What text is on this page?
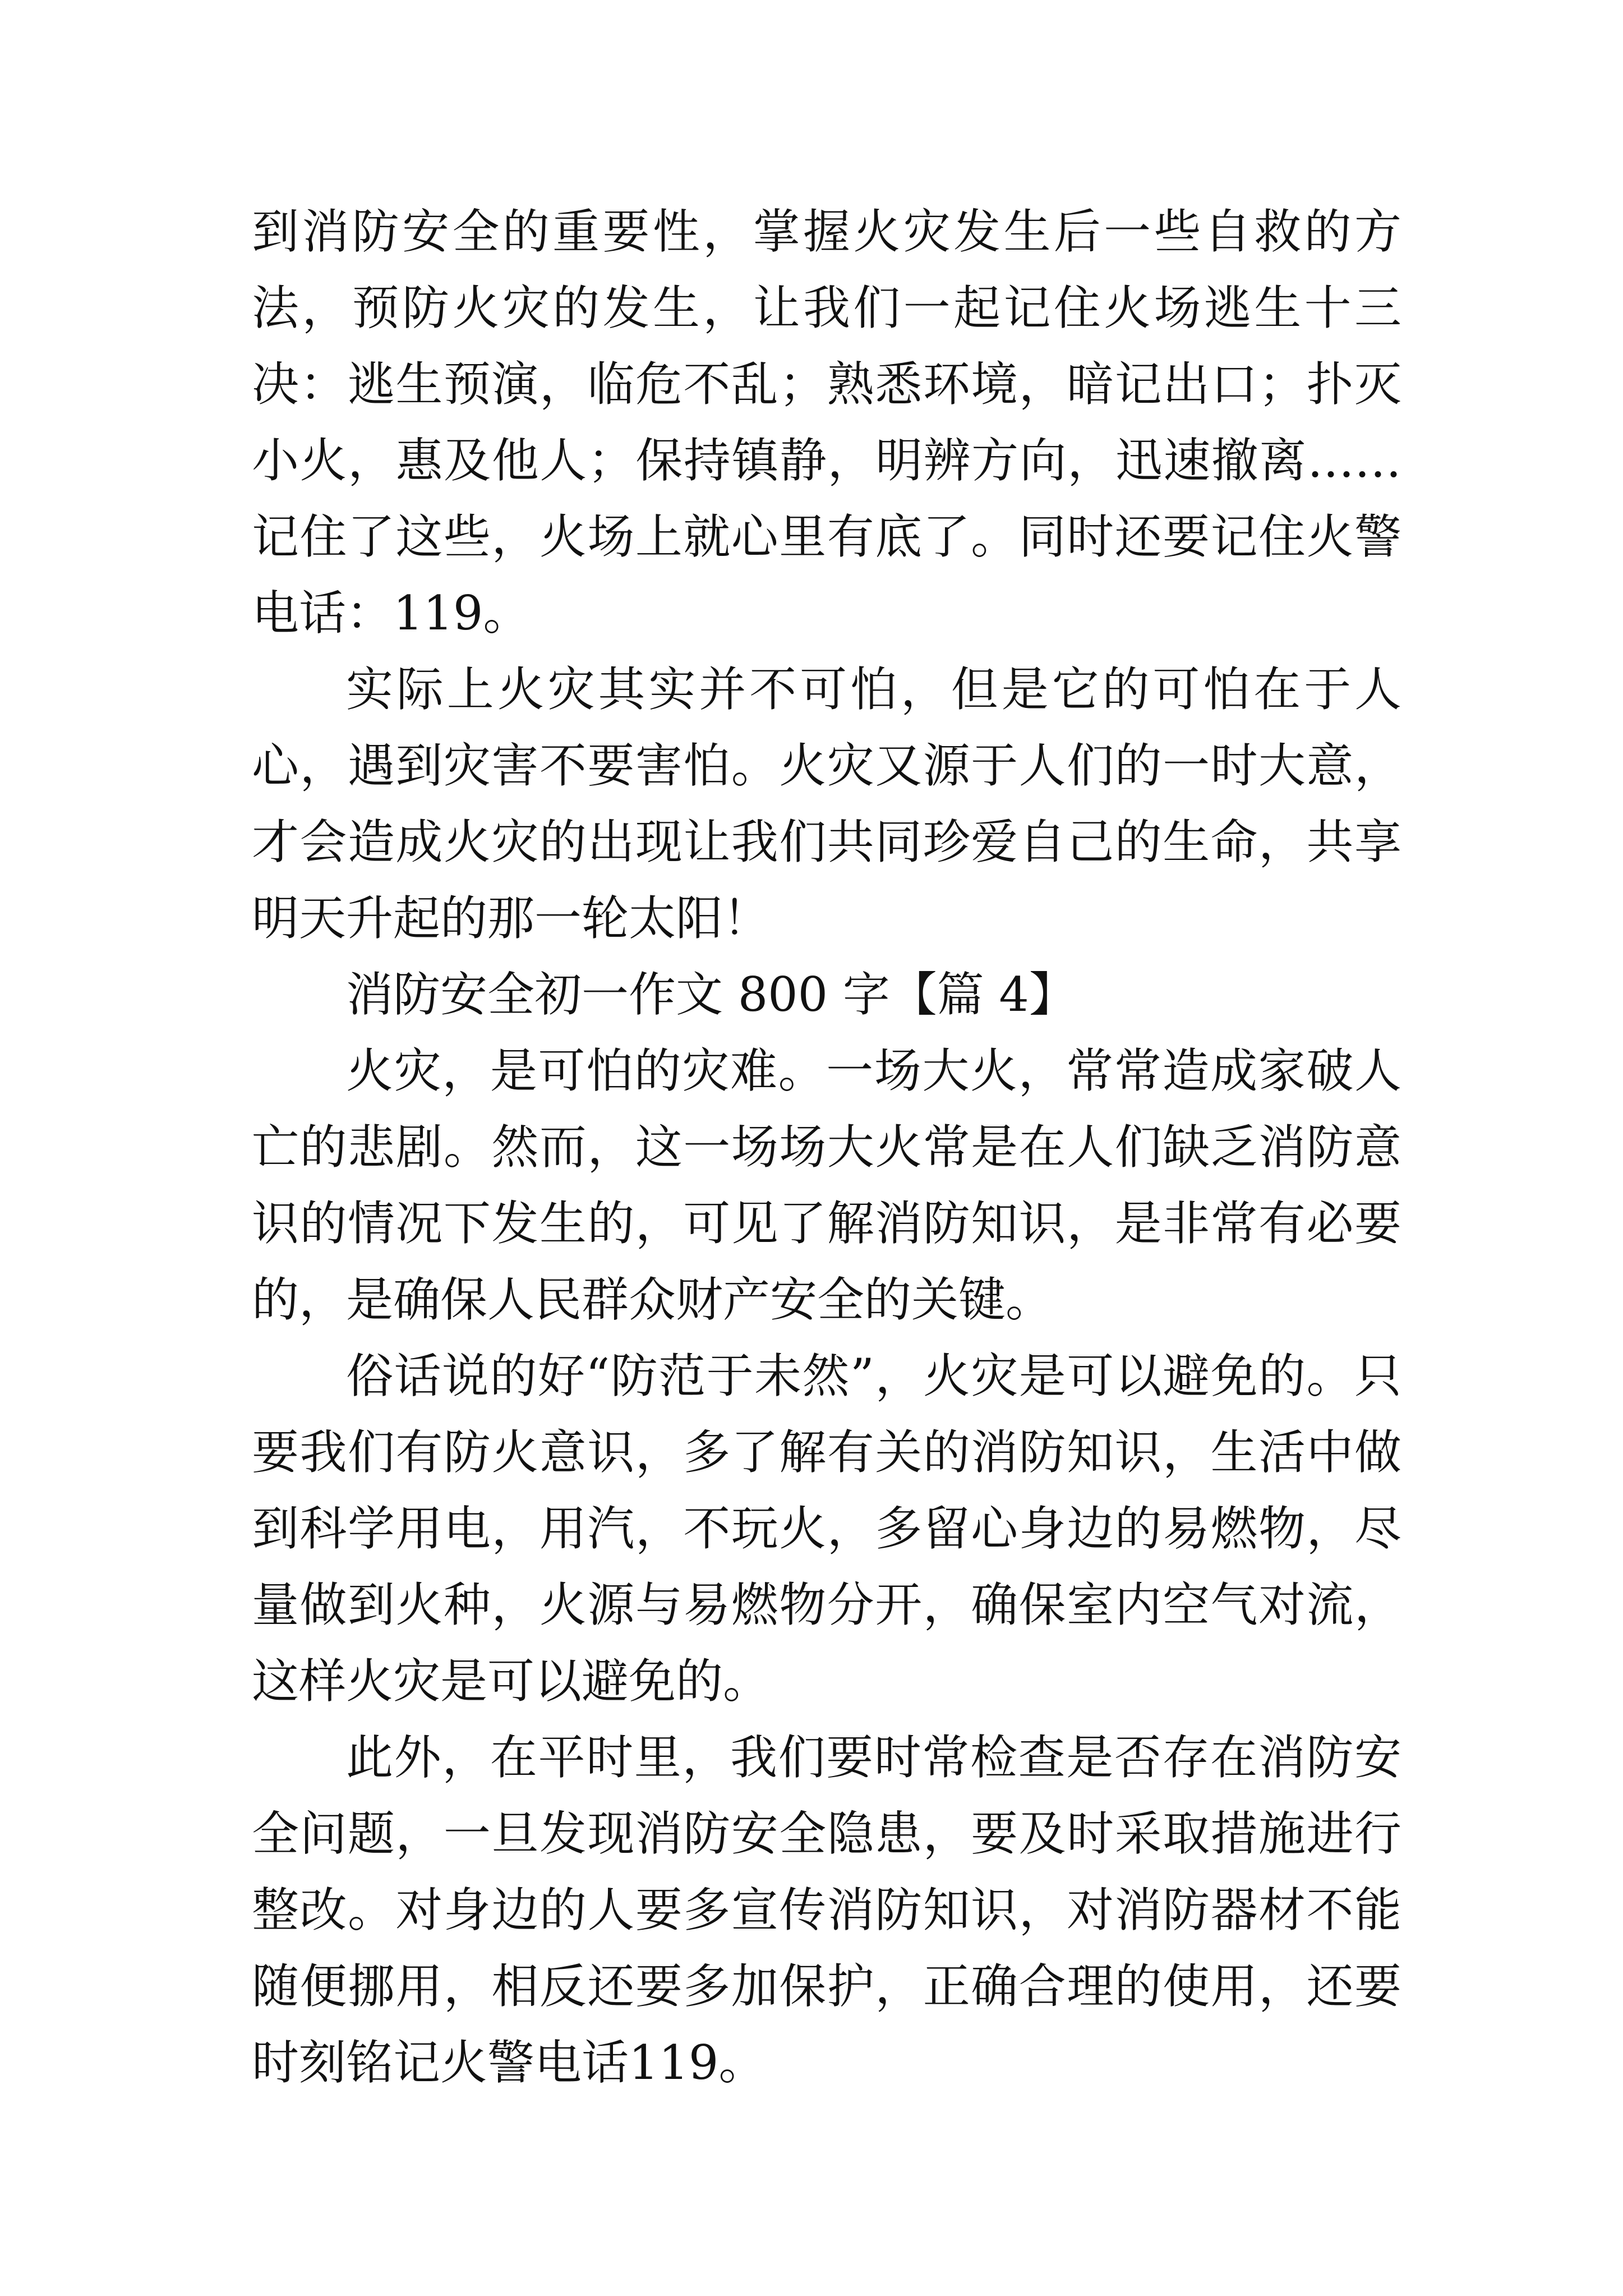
到消防安全的重要性，掌握火灾发生后一些自救的方法，预防火灾的发生，让我们一起记住火场逃生十三决：逃生预演，临危不乱；熟悉环境，暗记出口；扑灭小火，惠及他人；保持镇静，明辨方向，迅速撤离……记住了这些，火场上就心里有底了。同时还要记住火警电话：119。

实际上火灾其实并不可怕，但是它的可怕在于人心，遇到灾害不要害怕。火灾又源于人们的一时大意，才会造成火灾的出现让我们共同珍爱自己的生命，共享明天升起的那一轮太阳！

消防安全初一作文 800 字【篇 4】

火灾，是可怕的灾难。一场大火，常常造成家破人亡的悲剧。然而，这一场场大火常是在人们缺乏消防意识的情况下发生的，可见了解消防知识，是非常有必要的，是确保人民群众财产安全的关键。

俗话说的好“防范于未然”，火灾是可以避免的。只要我们有防火意识，多了解有关的消防知识，生活中做到科学用电，用汽，不玩火，多留心身边的易燃物，尽量做到火种，火源与易燃物分开，确保室内空气对流，这样火灾是可以避免的。

此外，在平时里，我们要时常检查是否存在消防安全问题，一旦发现消防安全隐患，要及时采取措施进行整改。对身边的人要多宣传消防知识，对消防器材不能随便挪用，相反还要多加保护，正确合理的使用，还要时刻铭记火警电话119。
